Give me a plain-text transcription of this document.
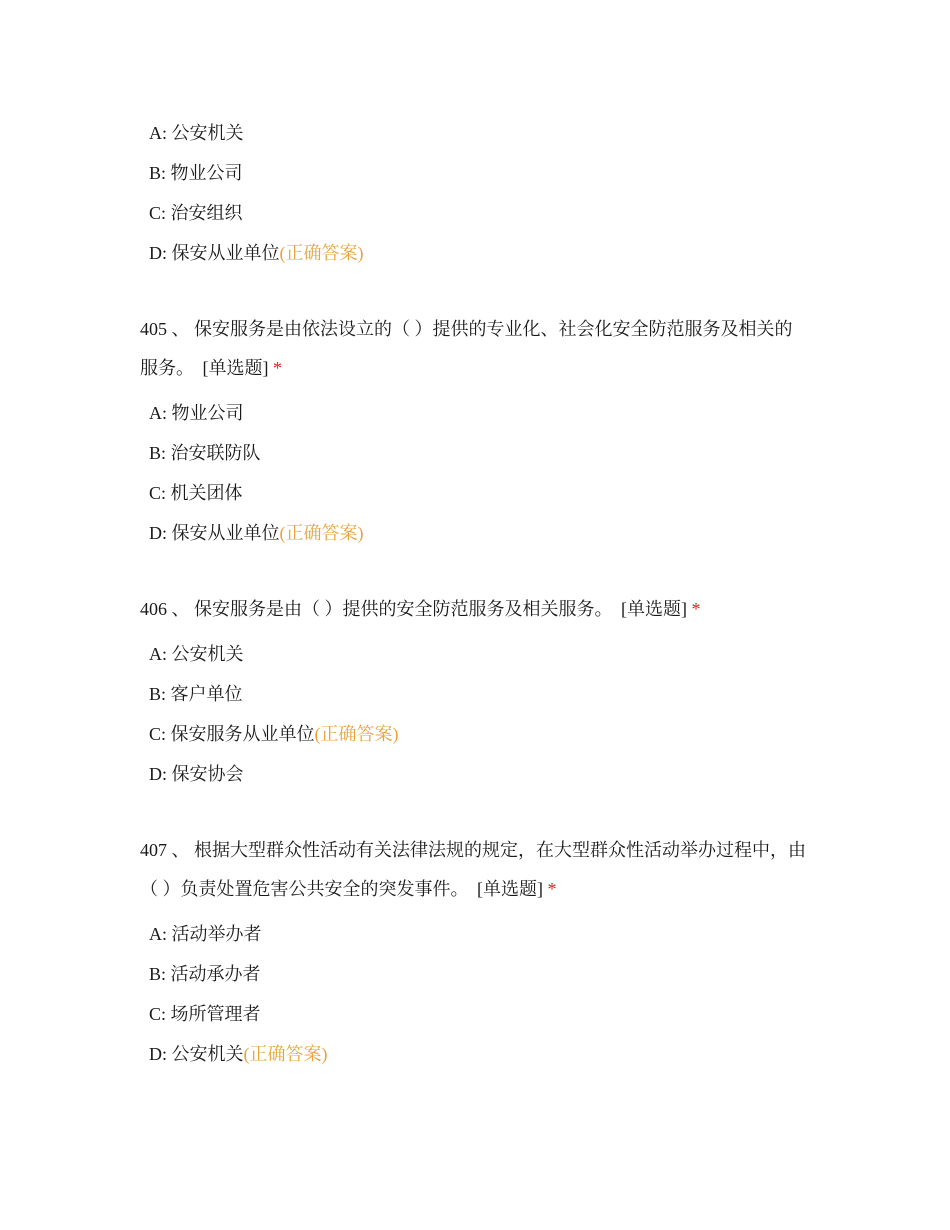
A: 公安机关
B: 物业公司
C: 治安组织
D: 保安从业单位(正确答案)
405 、 保安服务是由依法设立的（ ）提供的专业化、社会化安全防范服务及相关的服务。 [单选题] *
A: 物业公司
B: 治安联防队
C: 机关团体
D: 保安从业单位(正确答案)
406 、 保安服务是由（ ）提供的安全防范服务及相关服务。 [单选题] *
A: 公安机关
B: 客户单位
C: 保安服务从业单位(正确答案)
D: 保安协会
407 、 根据大型群众性活动有关法律法规的规定，在大型群众性活动举办过程中，由（ ）负责处置危害公共安全的突发事件。 [单选题] *
A: 活动举办者
B: 活动承办者
C: 场所管理者
D: 公安机关(正确答案)
